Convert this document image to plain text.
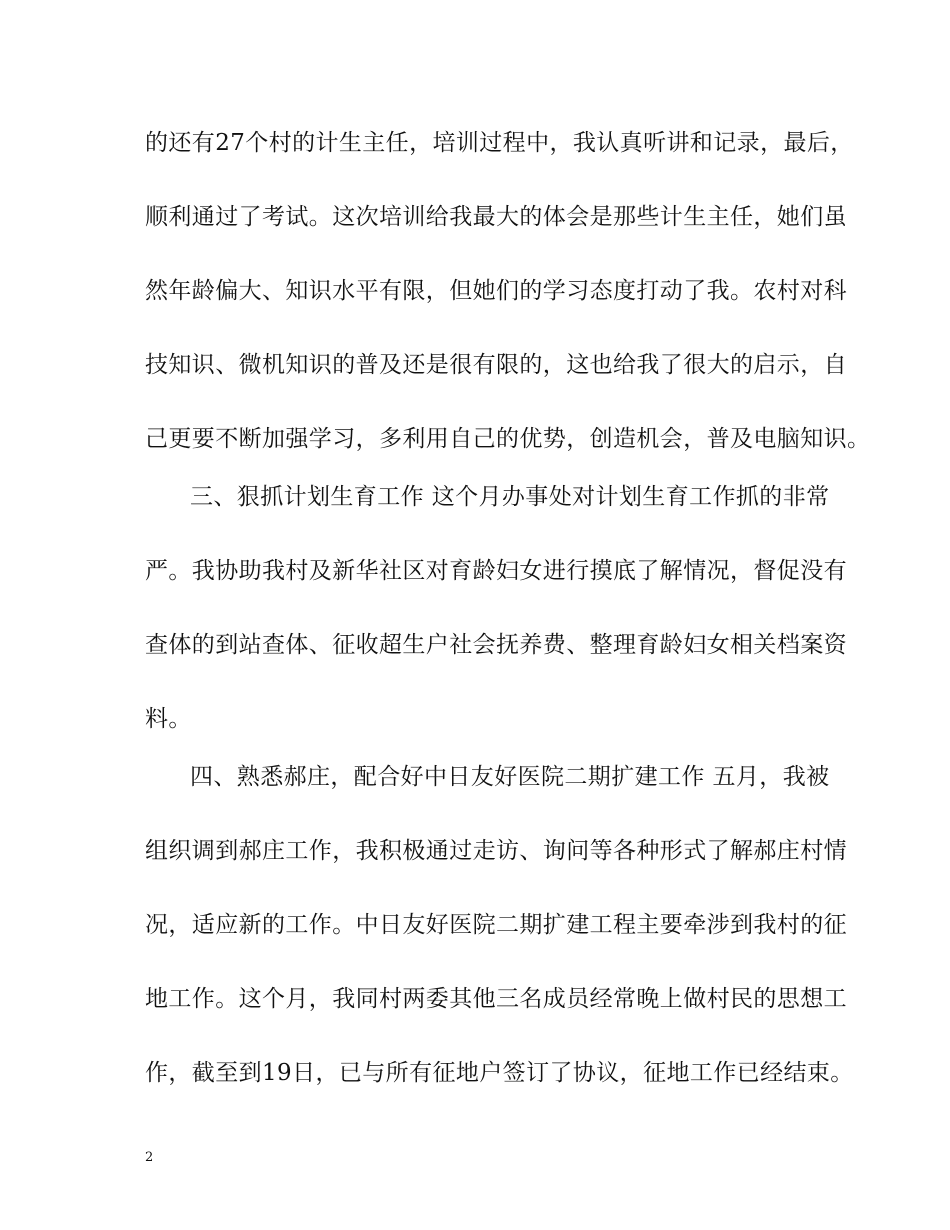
的还有27个村的计生主任，培训过程中，我认真听讲和记录，最后，
顺利通过了考试。这次培训给我最大的体会是那些计生主任，她们虽
然年龄偏大、知识水平有限，但她们的学习态度打动了我。农村对科
技知识、微机知识的普及还是很有限的，这也给我了很大的启示，自
己更要不断加强学习，多利用自己的优势，创造机会，普及电脑知识。
三、狠抓计划生育工作 这个月办事处对计划生育工作抓的非常
严。我协助我村及新华社区对育龄妇女进行摸底了解情况，督促没有
查体的到站查体、征收超生户社会抚养费、整理育龄妇女相关档案资
料。
四、熟悉郝庄，配合好中日友好医院二期扩建工作 五月，我被
组织调到郝庄工作，我积极通过走访、询问等各种形式了解郝庄村情
况，适应新的工作。中日友好医院二期扩建工程主要牵涉到我村的征
地工作。这个月，我同村两委其他三名成员经常晚上做村民的思想工
作，截至到19日，已与所有征地户签订了协议，征地工作已经结束。
2
